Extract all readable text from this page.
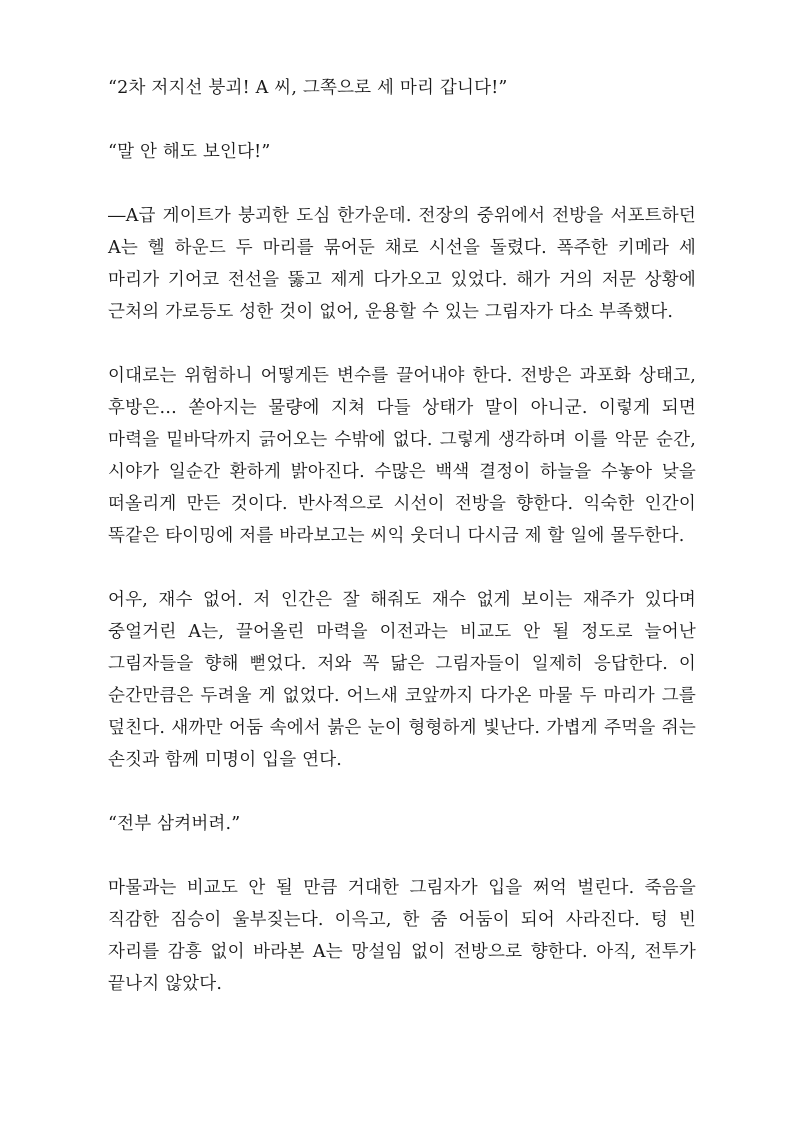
“2차 저지선 붕괴! A 씨, 그쪽으로 세 마리 갑니다!”

“말 안 해도 보인다!”

―A급 게이트가 붕괴한 도심 한가운데. 전장의 중위에서 전방을 서포트하던 A는 헬 하운드 두 마리를 묶어둔 채로 시선을 돌렸다. 폭주한 키메라 세 마리가 기어코 전선을 뚫고 제게 다가오고 있었다. 해가 거의 저문 상황에 근처의 가로등도 성한 것이 없어, 운용할 수 있는 그림자가 다소 부족했다.

이대로는 위험하니 어떻게든 변수를 끌어내야 한다. 전방은 과포화 상태고, 후방은… 쏟아지는 물량에 지쳐 다들 상태가 말이 아니군. 이렇게 되면 마력을 밑바닥까지 긁어오는 수밖에 없다. 그렇게 생각하며 이를 악문 순간, 시야가 일순간 환하게 밝아진다. 수많은 백색 결정이 하늘을 수놓아 낮을 떠올리게 만든 것이다. 반사적으로 시선이 전방을 향한다. 익숙한 인간이 똑같은 타이밍에 저를 바라보고는 씨익 웃더니 다시금 제 할 일에 몰두한다.

어우, 재수 없어. 저 인간은 잘 해줘도 재수 없게 보이는 재주가 있다며 중얼거린 A는, 끌어올린 마력을 이전과는 비교도 안 될 정도로 늘어난 그림자들을 향해 뻗었다. 저와 꼭 닮은 그림자들이 일제히 응답한다. 이 순간만큼은 두려울 게 없었다. 어느새 코앞까지 다가온 마물 두 마리가 그를 덮친다. 새까만 어둠 속에서 붉은 눈이 형형하게 빛난다. 가볍게 주먹을 쥐는 손짓과 함께 미명이 입을 연다.

“전부 삼켜버려.”

마물과는 비교도 안 될 만큼 거대한 그림자가 입을 쩌억 벌린다. 죽음을 직감한 짐승이 울부짖는다. 이윽고, 한 줌 어둠이 되어 사라진다. 텅 빈 자리를 감흥 없이 바라본 A는 망설임 없이 전방으로 향한다. 아직, 전투가 끝나지 않았다.
